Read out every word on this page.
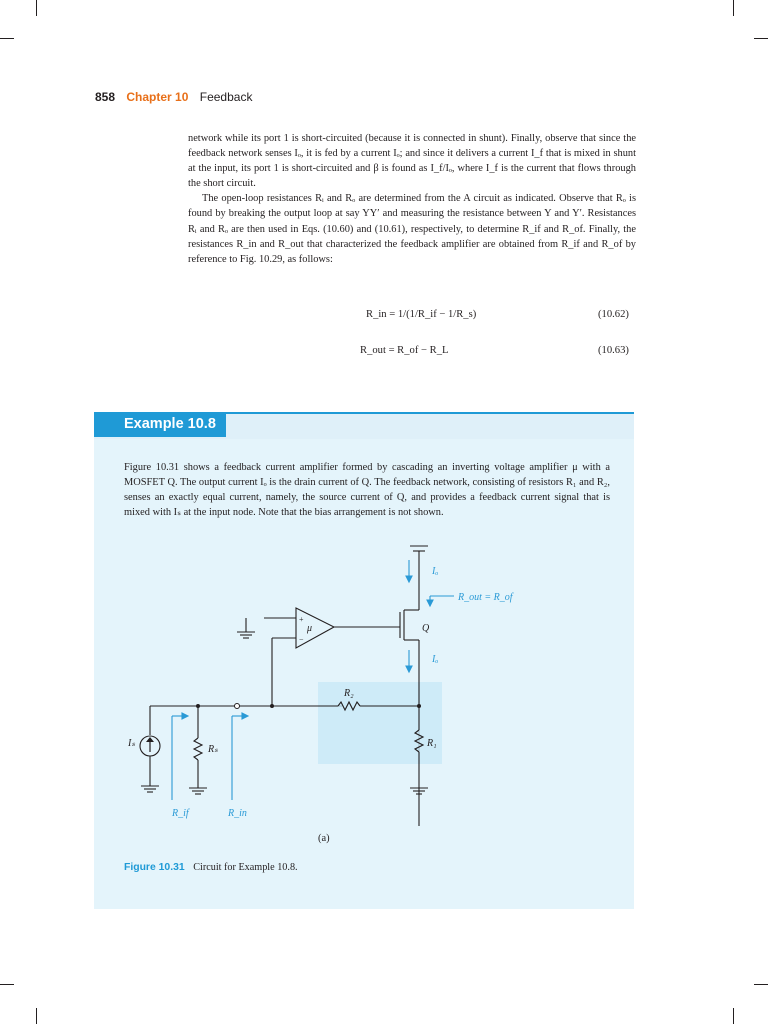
858 Chapter 10 Feedback

network while its port 1 is short-circuited (because it is connected in shunt). Finally, observe that since the feedback network senses Iₒ, it is fed by a current Iₒ; and since it delivers a current I_f that is mixed in shunt at the input, its port 1 is short-circuited and β is found as I_f/Iₒ, where I_f is the current that flows through the short circuit.

The open-loop resistances Rᵢ and Rₒ are determined from the A circuit as indicated. Observe that Rₒ is found by breaking the output loop at say YY′ and measuring the resistance between Y and Y′. Resistances Rᵢ and Rₒ are then used in Eqs. (10.60) and (10.61), respectively, to determine R_if and R_of. Finally, the resistances R_in and R_out that characterized the feedback amplifier are obtained from R_if and R_of by reference to Fig. 10.29, as follows:

R_in = 1/(1/R_if − 1/R_s)	(10.62)
R_out = R_of − R_L	(10.63)
Example 10.8
Figure 10.31 shows a feedback current amplifier formed by cascading an inverting voltage amplifier μ with a MOSFET Q. The output current Iₒ is the drain current of Q. The feedback network, consisting of resistors R₁ and R₂, senses an exactly equal current, namely, the source current of Q, and provides a feedback current signal that is mixed with Iₛ at the input node. Note that the bias arrangement is not shown.
Iₒ
R_out = R_of
μ
+
−
Q
Iₒ
R₂
R₁
Iₛ
Rₛ
R_if	R_in
(a)
Figure 10.31 Circuit for Example 10.8.
